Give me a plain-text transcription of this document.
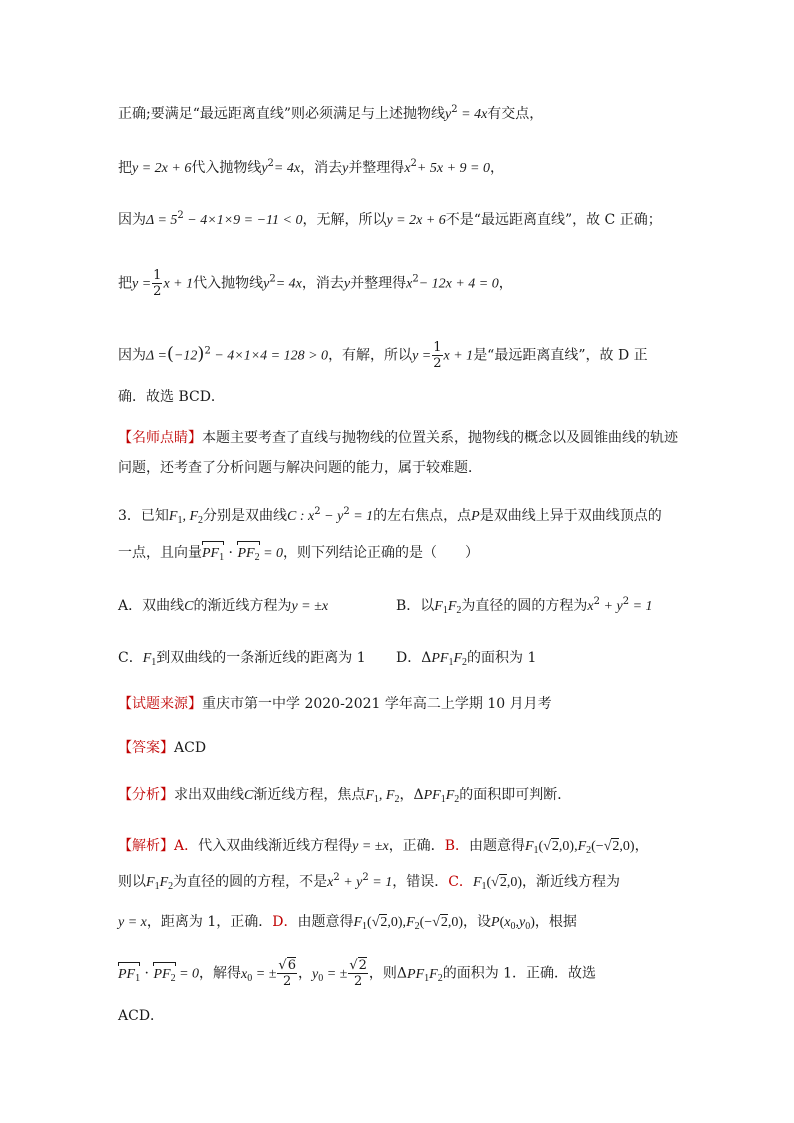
正确;要满足“最远距离直线”则必须满足与上述抛物线$y^2 = 4x$有交点，
把y = 2x + 6代入抛物线$y^2= 4x$，消去y并整理得$x^2+ 5x + 9 = 0$，
因为$\Delta = 5^2 - 4\times 1\times 9 = -11 < 0$，无解，所以y = 2x + 6不是“最远距离直线”，故 C 正确；
把$y = \frac{1}{2}$ x + 1代入抛物线$y^2= 4x$，消去y并整理得$x^2- 12x + 4 = 0$，
因为$\Delta =(-12)^2 - 4\times 1\times 4 = 128 > 0$，有解，所以$y = \frac{1}{2}$ x + 1是“最远距离直线”，故 D 正
确．故选 BCD．
【名师点睛】本题主要考查了直线与抛物线的位置关系，抛物线的概念以及圆锥曲线的轨迹
问题，还考查了分析问题与解决问题的能力，属于较难题．
3．已知$F_1$, $F_2$分别是双曲线C : $x^2 - y^2 = 1$的左右焦点，点P是双曲线上异于双曲线顶点的
一点，且向量$PF_1 \cdot PF_2 = 0$，则下列结论正确的是（　　）
A．双曲线C的渐近线方程为y = ±x	B．以$F_1F_2$为直径的圆的方程为$x^2 + y^2 = 1$
C．$F_1$到双曲线的一条渐近线的距离为 1 D．$\Delta PF_1F_2$的面积为 1
【试题来源】重庆市第一中学 2020-2021 学年高二上学期 10 月月考
【答案】ACD
【分析】求出双曲线C渐近线方程，焦点$F_1$, $F_2$，$\Delta PF_1F_2$的面积即可判断．
【解析】A．代入双曲线渐近线方程得y = ±x，正确．B．由题意得$F_1(√2,0),F_2(-√2,0)$，
则以$F_1F_2$为直径的圆的方程，不是$x^2 + y^2 = 1$，错误．C．$F_1(√2,0)$，渐近线方程为
y = x，距离为 1，正确．D．由题意得$F_1(√2,0),F_2(-√2,0)$，设$P(x_0,y_0)$，根据
$PF_1 \cdot PF_2 = 0$，解得$x_0$ = ± $\frac{√6}{2}$ ，$y_0$ = ± $\frac{√2}{2}$ ，则$\Delta PF_1F_2$的面积为 1．正确．故选
ACD．
